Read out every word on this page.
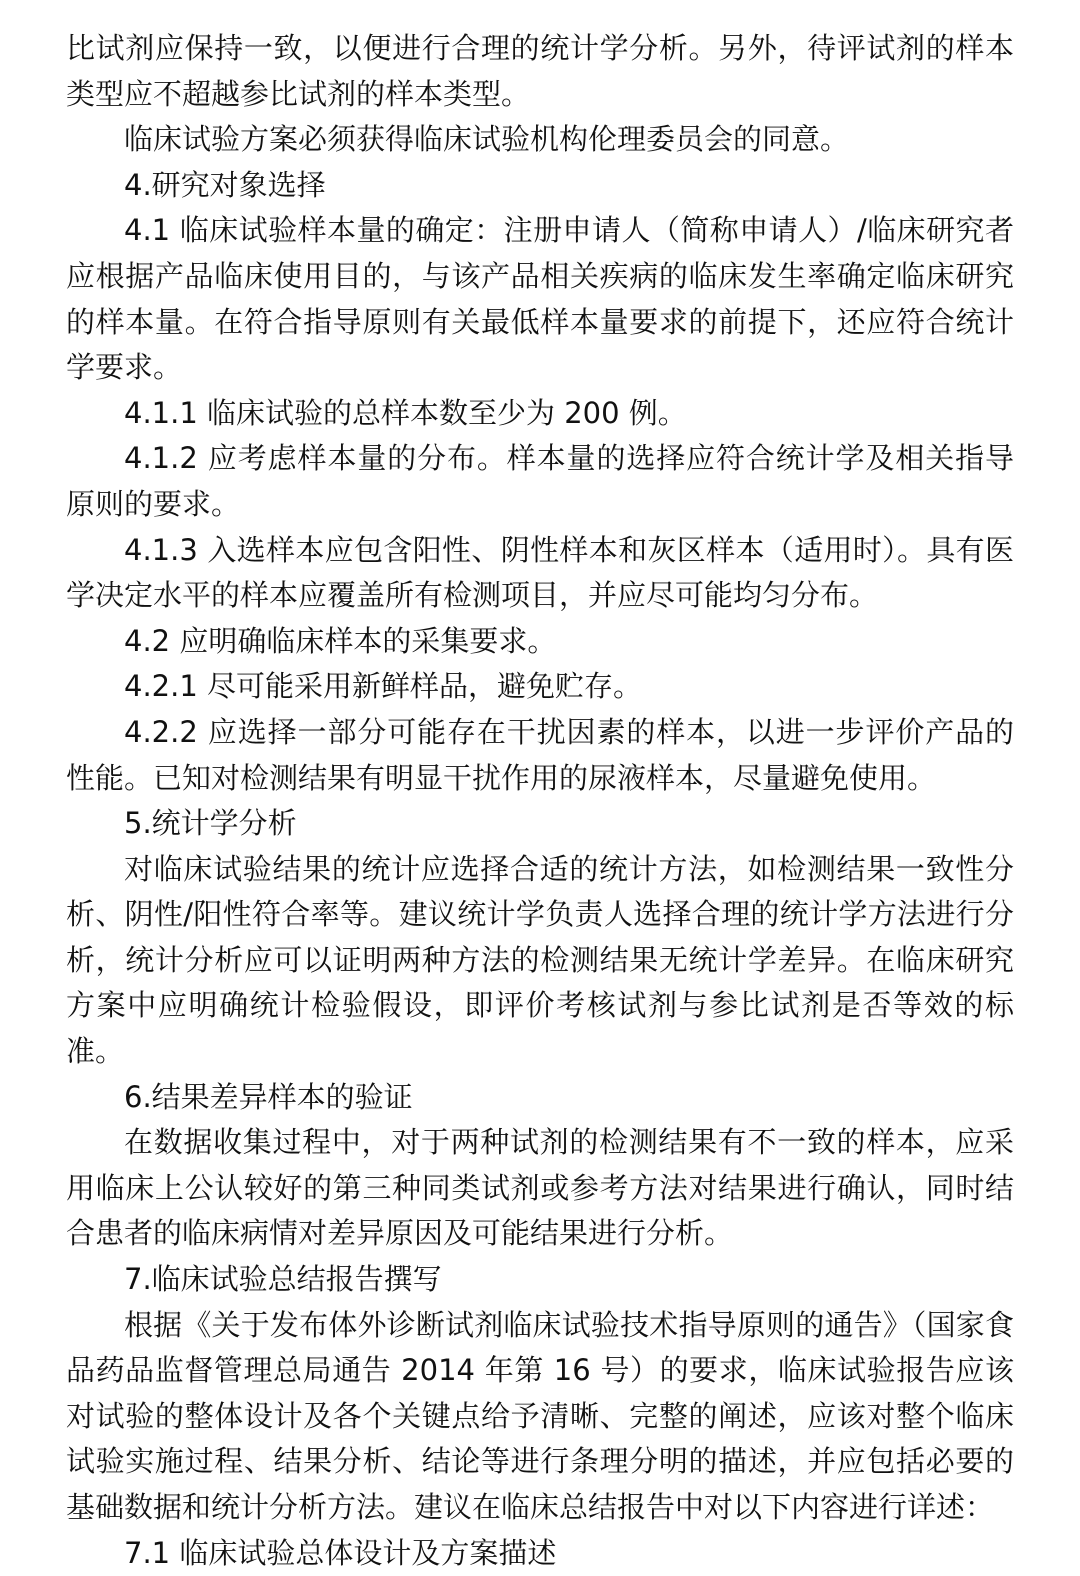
比试剂应保持一致，以便进行合理的统计学分析。另外，待评试剂的样本类型应不超越参比试剂的样本类型。

临床试验方案必须获得临床试验机构伦理委员会的同意。

4.研究对象选择

4.1 临床试验样本量的确定：注册申请人（简称申请人）/临床研究者应根据产品临床使用目的，与该产品相关疾病的临床发生率确定临床研究的样本量。在符合指导原则有关最低样本量要求的前提下，还应符合统计学要求。

4.1.1 临床试验的总样本数至少为 200 例。

4.1.2 应考虑样本量的分布。样本量的选择应符合统计学及相关指导原则的要求。

4.1.3 入选样本应包含阳性、阴性样本和灰区样本（适用时）。具有医学决定水平的样本应覆盖所有检测项目，并应尽可能均匀分布。

4.2 应明确临床样本的采集要求。

4.2.1 尽可能采用新鲜样品，避免贮存。

4.2.2 应选择一部分可能存在干扰因素的样本，以进一步评价产品的性能。已知对检测结果有明显干扰作用的尿液样本，尽量避免使用。

5.统计学分析

对临床试验结果的统计应选择合适的统计方法，如检测结果一致性分析、阴性/阳性符合率等。建议统计学负责人选择合理的统计学方法进行分析，统计分析应可以证明两种方法的检测结果无统计学差异。在临床研究方案中应明确统计检验假设，即评价考核试剂与参比试剂是否等效的标准。

6.结果差异样本的验证

在数据收集过程中，对于两种试剂的检测结果有不一致的样本，应采用临床上公认较好的第三种同类试剂或参考方法对结果进行确认，同时结合患者的临床病情对差异原因及可能结果进行分析。

7.临床试验总结报告撰写

根据《关于发布体外诊断试剂临床试验技术指导原则的通告》（国家食品药品监督管理总局通告 2014 年第 16 号）的要求，临床试验报告应该对试验的整体设计及各个关键点给予清晰、完整的阐述，应该对整个临床试验实施过程、结果分析、结论等进行条理分明的描述，并应包括必要的基础数据和统计分析方法。建议在临床总结报告中对以下内容进行详述：

7.1 临床试验总体设计及方案描述
